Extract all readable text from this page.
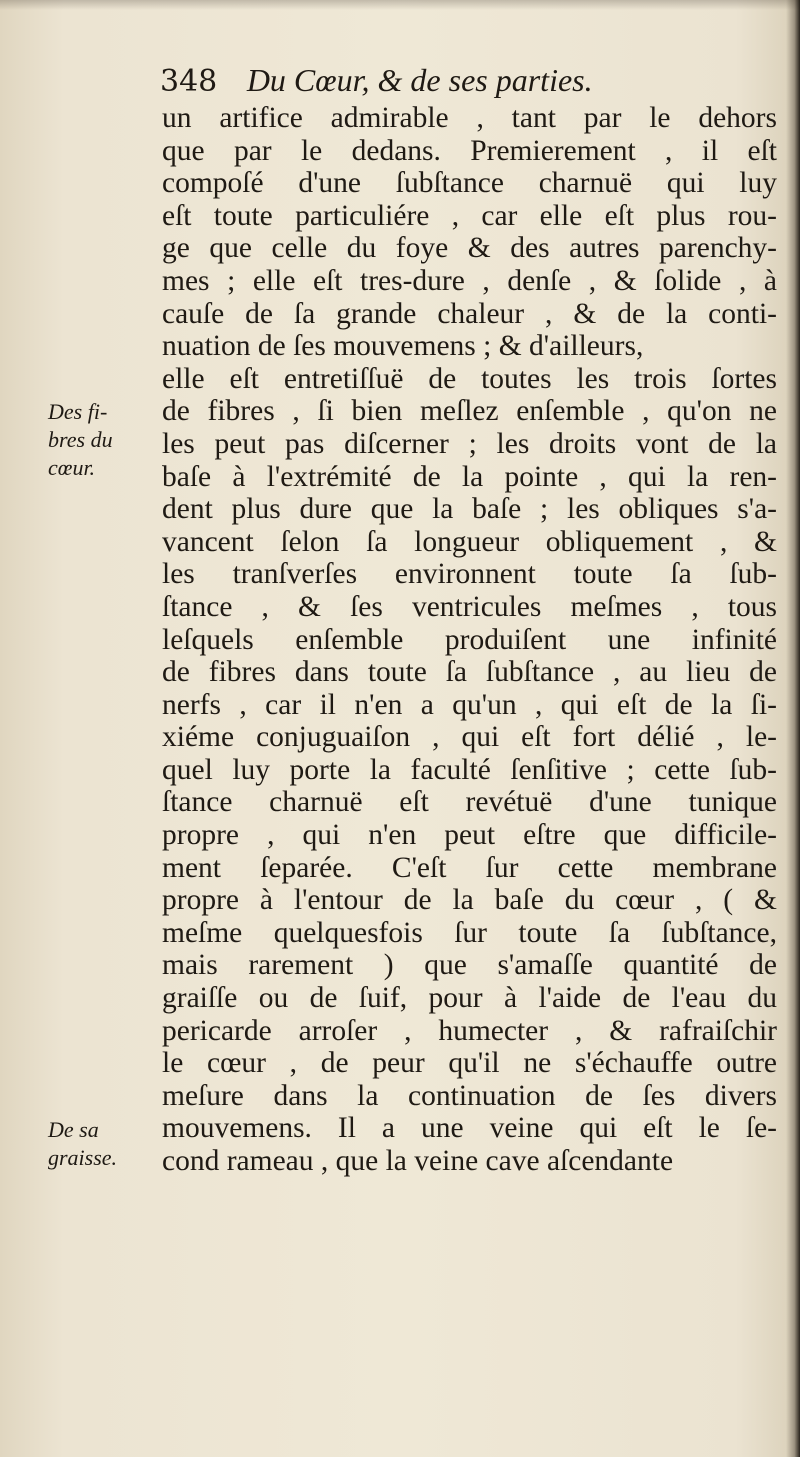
348 Du Cœur, & de ses parties.
Des fi-
bres du
cœur.
De sa
graisse.
un artifice admirable , tant par le dehors
que par le dedans. Premierement , il eſt
compoſé d'une ſubſtance charnuë qui luy
eſt toute particuliére , car elle eſt plus rou-
ge que celle du foye & des autres parenchy-
mes ; elle eſt tres-dure , denſe , & ſolide , à
cauſe de ſa grande chaleur , & de la conti-
nuation de ſes mouvemens ; & d'ailleurs,
elle eſt entretiſſuë de toutes les trois ſortes
de fibres , ſi bien meſlez enſemble , qu'on ne
les peut pas diſcerner ; les droits vont de la
baſe à l'extrémité de la pointe , qui la ren-
dent plus dure que la baſe ; les obliques s'a-
vancent ſelon ſa longueur obliquement , &
les tranſverſes environnent toute ſa ſub-
ſtance , & ſes ventricules meſmes , tous
leſquels enſemble produiſent une infinité
de fibres dans toute ſa ſubſtance , au lieu de
nerfs , car il n'en a qu'un , qui eſt de la ſi-
xiéme conjuguaiſon , qui eſt fort délié , le-
quel luy porte la faculté ſenſitive ; cette ſub-
ſtance charnuë eſt revétuë d'une tunique
propre , qui n'en peut eſtre que difficile-
ment ſeparée. C'eſt ſur cette membrane
propre à l'entour de la baſe du cœur , ( &
meſme quelquesfois ſur toute ſa ſubſtance,
mais rarement ) que s'amaſſe quantité de
graiſſe ou de ſuif, pour à l'aide de l'eau du
pericarde arroſer , humecter , & rafraiſchir
le cœur , de peur qu'il ne s'échauffe outre
meſure dans la continuation de ſes divers
mouvemens. Il a une veine qui eſt le ſe-
cond rameau , que la veine cave aſcendante
